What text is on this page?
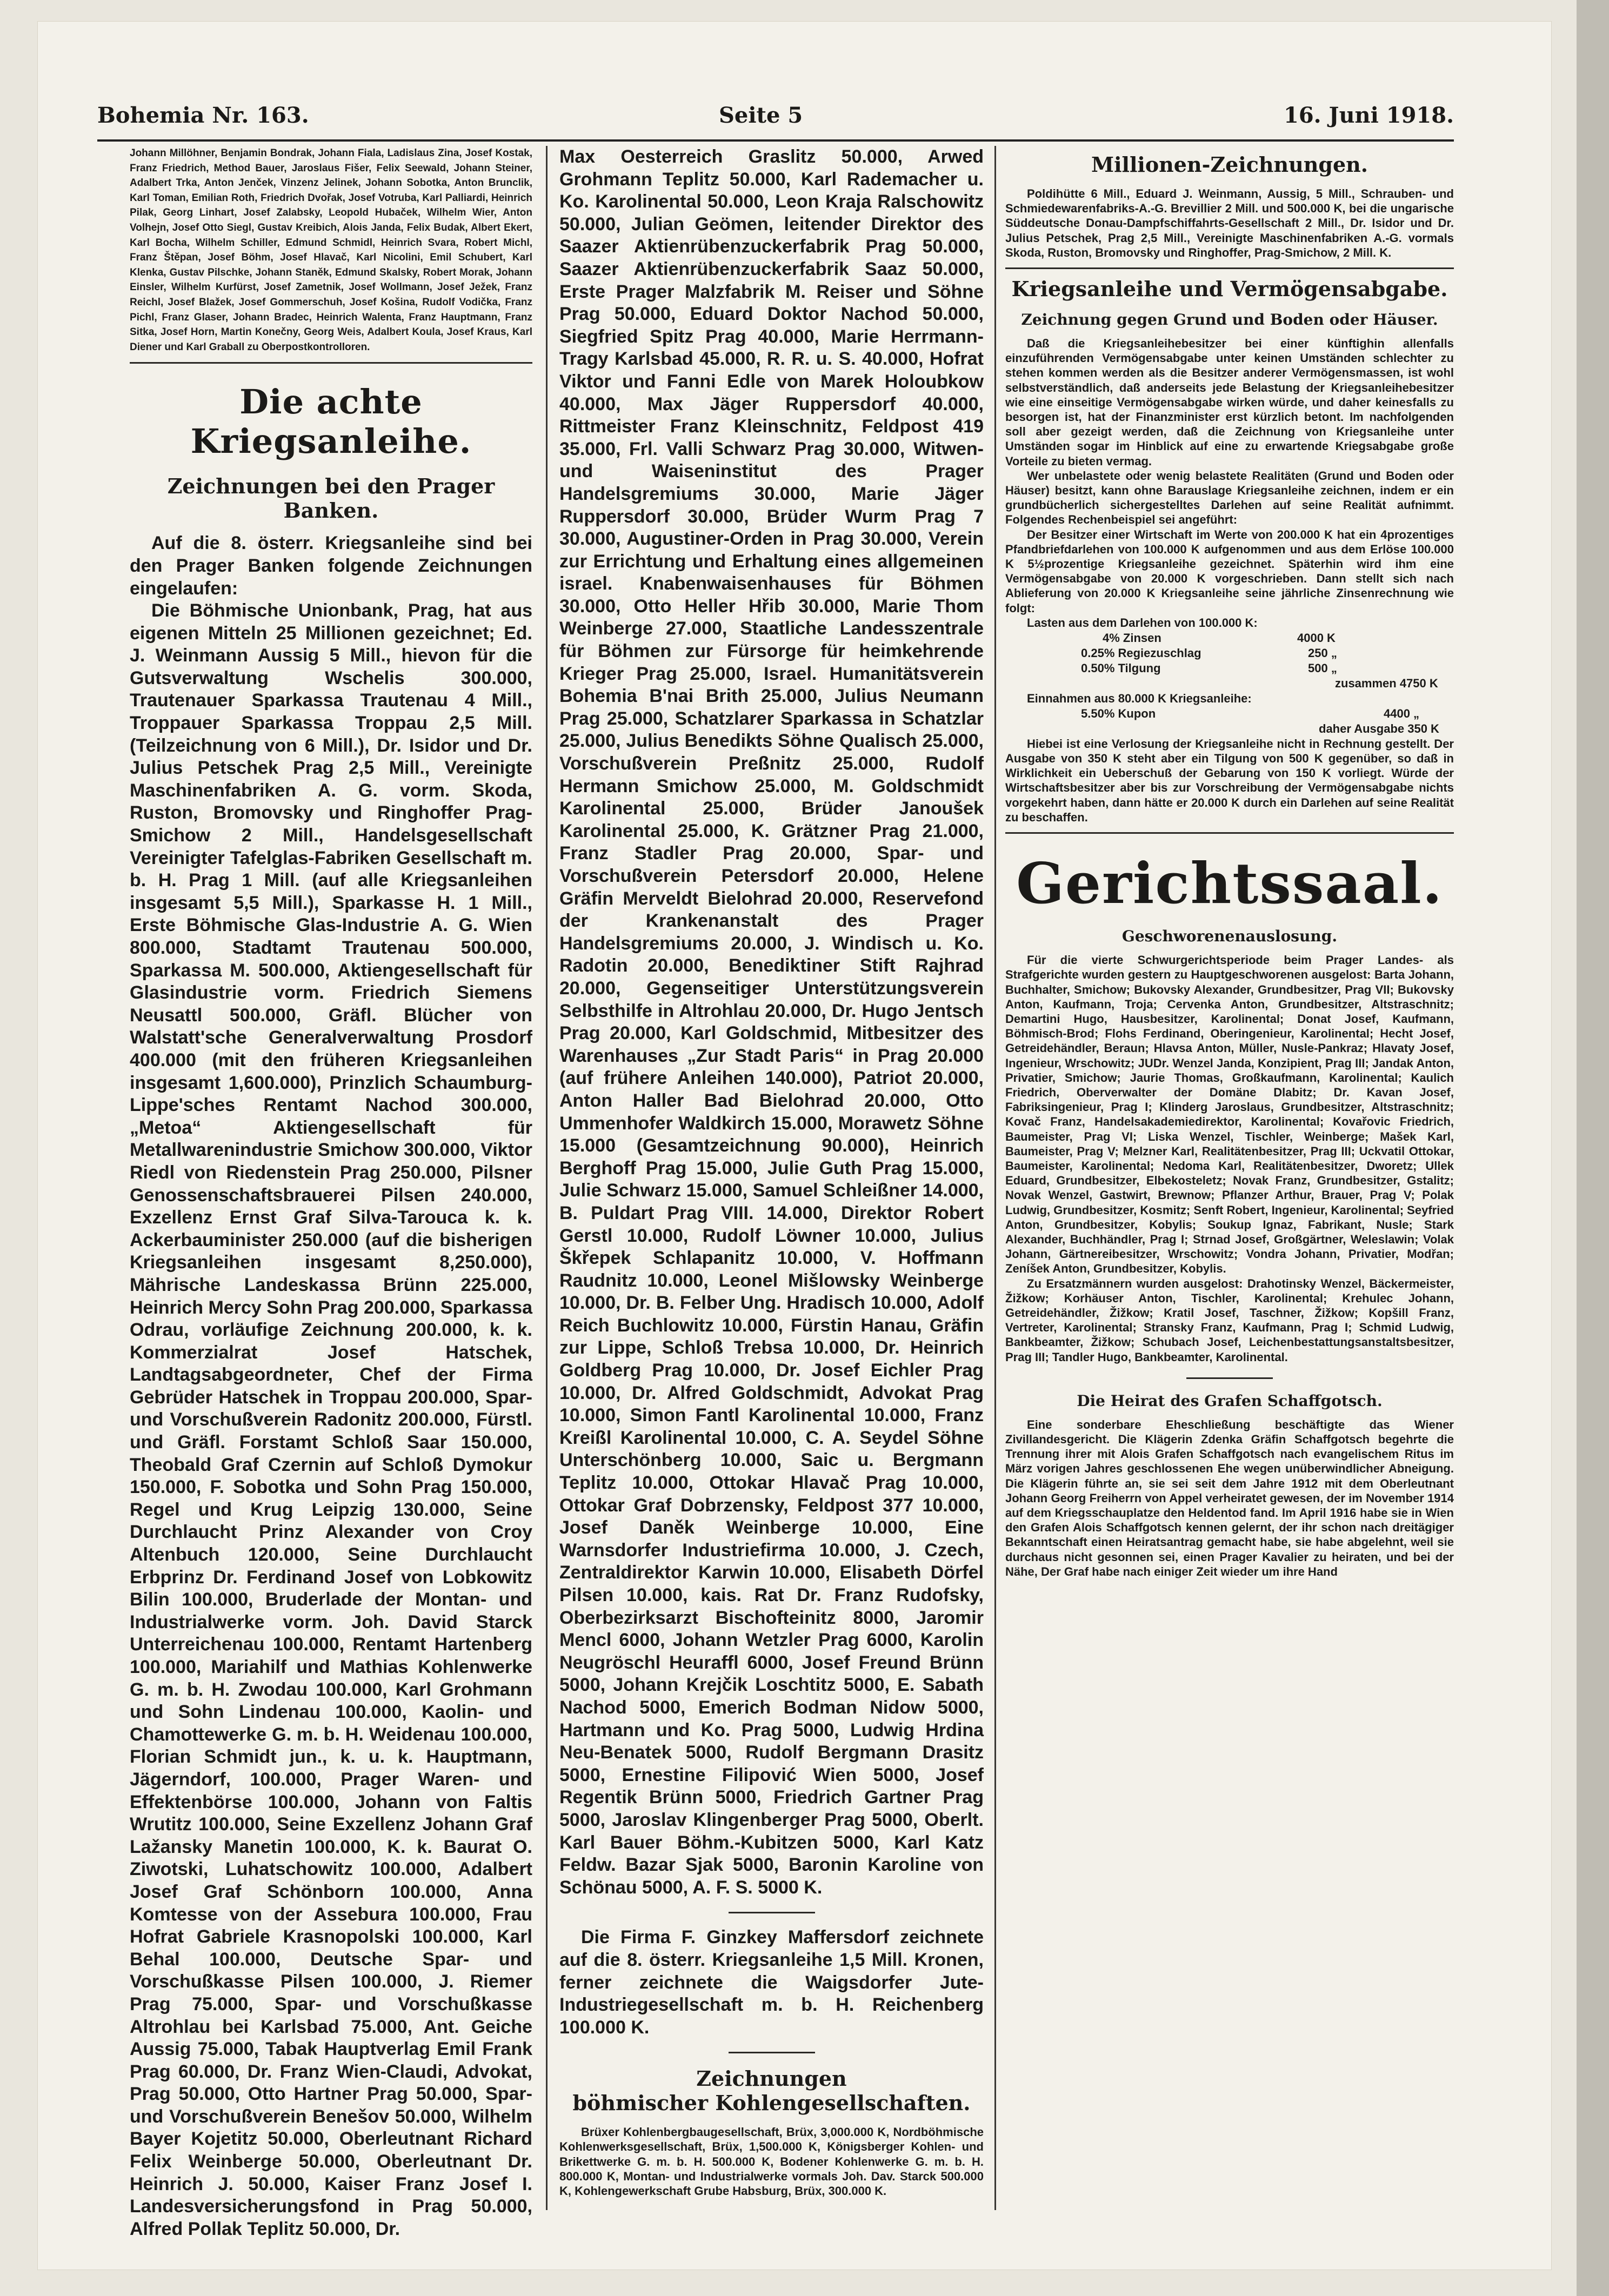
Bohemia Nr. 163.	Seite 5	16. Juni 1918.

Johann Millöhner, Benjamin Bondrak, Johann Fiala, Ladislaus Zina, Josef Kostak, Franz Friedrich, Method Bauer, Jaroslaus Fišer, Felix Seewald, Johann Steiner, Adalbert Trka, Anton Jenček, Vinzenz Jelinek, Johann Sobotka, Anton Brunclik, Karl Toman, Emilian Roth, Friedrich Dvořak, Josef Votruba, Karl Palliardi, Heinrich Pilak, Georg Linhart, Josef Zalabsky, Leopold Hubaček, Wilhelm Wier, Anton Volhejn, Josef Otto Siegl, Gustav Kreibich, Alois Janda, Felix Budak, Albert Ekert, Karl Bocha, Wilhelm Schiller, Edmund Schmidl, Heinrich Svara, Robert Michl, Franz Štěpan, Josef Böhm, Josef Hlavač, Karl Nicolini, Emil Schubert, Karl Klenka, Gustav Pilschke, Johann Staněk, Edmund Skalsky, Robert Morak, Johann Einsler, Wilhelm Kurfürst, Josef Zametnik, Josef Wollmann, Josef Ježek, Franz Reichl, Josef Blažek, Josef Gommerschuh, Josef Košina, Rudolf Vodička, Franz Pichl, Franz Glaser, Johann Bradec, Heinrich Walenta, Franz Hauptmann, Franz Sitka, Josef Horn, Martin Konečny, Georg Weis, Adalbert Koula, Josef Kraus, Karl Diener und Karl Graball zu Oberpostkontrolloren.

Die achte Kriegsanleihe.
Zeichnungen bei den Prager Banken.

Auf die 8. österr. Kriegsanleihe sind bei den Prager Banken folgende Zeichnungen eingelaufen:

Die Böhmische Unionbank, Prag, hat aus eigenen Mitteln 25 Millionen gezeichnet; Ed. J. Weinmann Aussig 5 Mill., hievon für die Gutsverwaltung Wschelis 300.000, Trautenauer Sparkassa Trautenau 4 Mill., Troppauer Sparkassa Troppau 2,5 Mill. (Teilzeichnung von 6 Mill.), Dr. Isidor und Dr. Julius Petschek Prag 2,5 Mill., Vereinigte Maschinenfabriken A. G. vorm. Skoda, Ruston, Bromovsky und Ringhoffer Prag-Smichow 2 Mill., Handelsgesellschaft Vereinigter Tafelglas-Fabriken Gesellschaft m. b. H. Prag 1 Mill. (auf alle Kriegsanleihen insgesamt 5,5 Mill.), Sparkasse H. 1 Mill., Erste Böhmische Glas-Industrie A. G. Wien 800.000, Stadtamt Trautenau 500.000, Sparkassa M. 500.000, Aktiengesellschaft für Glasindustrie vorm. Friedrich Siemens Neusattl 500.000, Gräfl. Blücher von Walstatt'sche Generalverwaltung Prosdorf 400.000 (mit den früheren Kriegsanleihen insgesamt 1,600.000), Prinzlich Schaumburg-Lippe'sches Rentamt Nachod 300.000, „Metoa“ Aktiengesellschaft für Metallwarenindustrie Smichow 300.000, Viktor Riedl von Riedenstein Prag 250.000, Pilsner Genossenschaftsbrauerei Pilsen 240.000, Exzellenz Ernst Graf Silva-Tarouca k. k. Ackerbauminister 250.000 (auf die bisherigen Kriegsanleihen insgesamt 8,250.000), Mährische Landeskassa Brünn 225.000, Heinrich Mercy Sohn Prag 200.000, Sparkassa Odrau, vorläufige Zeichnung 200.000, k. k. Kommerzialrat Josef Hatschek, Landtagsabgeordneter, Chef der Firma Gebrüder Hatschek in Troppau 200.000, Spar- und Vorschußverein Radonitz 200.000, Fürstl. und Gräfl. Forstamt Schloß Saar 150.000, Theobald Graf Czernin auf Schloß Dymokur 150.000, F. Sobotka und Sohn Prag 150.000, Regel und Krug Leipzig 130.000, Seine Durchlaucht Prinz Alexander von Croy Altenbuch 120.000, Seine Durchlaucht Erbprinz Dr. Ferdinand Josef von Lobkowitz Bilin 100.000, Bruderlade der Montan- und Industrialwerke vorm. Joh. David Starck Unterreichenau 100.000, Rentamt Hartenberg 100.000, Mariahilf und Mathias Kohlenwerke G. m. b. H. Zwodau 100.000, Karl Grohmann und Sohn Lindenau 100.000, Kaolin- und Chamottewerke G. m. b. H. Weidenau 100.000, Florian Schmidt jun., k. u. k. Hauptmann, Jägerndorf, 100.000, Prager Waren- und Effektenbörse 100.000, Johann von Faltis Wrutitz 100.000, Seine Exzellenz Johann Graf Lažansky Manetin 100.000, K. k. Baurat O. Ziwotski, Luhatschowitz 100.000, Adalbert Josef Graf Schönborn 100.000, Anna Komtesse von der Assebura 100.000, Frau Hofrat Gabriele Krasnopolski 100.000, Karl Behal 100.000, Deutsche Spar- und Vorschußkasse Pilsen 100.000, J. Riemer Prag 75.000, Spar- und Vorschußkasse Altrohlau bei Karlsbad 75.000, Ant. Geiche Aussig 75.000, Tabak Hauptverlag Emil Frank Prag 60.000, Dr. Franz Wien-Claudi, Advokat, Prag 50.000, Otto Hartner Prag 50.000, Spar- und Vorschußverein Benešov 50.000, Wilhelm Bayer Kojetitz 50.000, Oberleutnant Richard Felix Weinberge 50.000, Oberleutnant Dr. Heinrich J. 50.000, Kaiser Franz Josef I. Landesversicherungsfond in Prag 50.000, Alfred Pollak Teplitz 50.000, Dr.

Max Oesterreich Graslitz 50.000, Arwed Grohmann Teplitz 50.000, Karl Rademacher u. Ko. Karolinental 50.000, Leon Kraja Ralschowitz 50.000, Julian Geömen, leitender Direktor des Saazer Aktienrübenzuckerfabrik Prag 50.000, Saazer Aktienrübenzuckerfabrik Saaz 50.000, Erste Prager Malzfabrik M. Reiser und Söhne Prag 50.000, Eduard Doktor Nachod 50.000, Siegfried Spitz Prag 40.000, Marie Herrmann-Tragy Karlsbad 45.000, R. R. u. S. 40.000, Hofrat Viktor und Fanni Edle von Marek Holoubkow 40.000, Max Jäger Ruppersdorf 40.000, Rittmeister Franz Kleinschnitz, Feldpost 419 35.000, Frl. Valli Schwarz Prag 30.000, Witwen- und Waiseninstitut des Prager Handelsgremiums 30.000, Marie Jäger Ruppersdorf 30.000, Brüder Wurm Prag 7 30.000, Augustiner-Orden in Prag 30.000, Verein zur Errichtung und Erhaltung eines allgemeinen israel. Knabenwaisenhauses für Böhmen 30.000, Otto Heller Hřib 30.000, Marie Thom Weinberge 27.000, Staatliche Landesszentrale für Böhmen zur Fürsorge für heimkehrende Krieger Prag 25.000, Israel. Humanitätsverein Bohemia B'nai Brith 25.000, Julius Neumann Prag 25.000, Schatzlarer Sparkassa in Schatzlar 25.000, Julius Benedikts Söhne Qualisch 25.000, Vorschußverein Preßnitz 25.000, Rudolf Hermann Smichow 25.000, M. Goldschmidt Karolinental 25.000, Brüder Janoušek Karolinental 25.000, K. Grätzner Prag 21.000, Franz Stadler Prag 20.000, Spar- und Vorschußverein Petersdorf 20.000, Helene Gräfin Merveldt Bielohrad 20.000, Reservefond der Krankenanstalt des Prager Handelsgremiums 20.000, J. Windisch u. Ko. Radotin 20.000, Benediktiner Stift Rajhrad 20.000, Gegenseitiger Unterstützungsverein Selbsthilfe in Altrohlau 20.000, Dr. Hugo Jentsch Prag 20.000, Karl Goldschmid, Mitbesitzer des Warenhauses „Zur Stadt Paris“ in Prag 20.000 (auf frühere Anleihen 140.000), Patriot 20.000, Anton Haller Bad Bielohrad 20.000, Otto Ummenhofer Waldkirch 15.000, Morawetz Söhne 15.000 (Gesamtzeichnung 90.000), Heinrich Berghoff Prag 15.000, Julie Guth Prag 15.000, Julie Schwarz 15.000, Samuel Schleißner 14.000, B. Puldart Prag VIII. 14.000, Direktor Robert Gerstl 10.000, Rudolf Löwner 10.000, Julius Škřepek Schlapanitz 10.000, V. Hoffmann Raudnitz 10.000, Leonel Mišlowsky Weinberge 10.000, Dr. B. Felber Ung. Hradisch 10.000, Adolf Reich Buchlowitz 10.000, Fürstin Hanau, Gräfin zur Lippe, Schloß Trebsa 10.000, Dr. Heinrich Goldberg Prag 10.000, Dr. Josef Eichler Prag 10.000, Dr. Alfred Goldschmidt, Advokat Prag 10.000, Simon Fantl Karolinental 10.000, Franz Kreißl Karolinental 10.000, C. A. Seydel Söhne Unterschönberg 10.000, Saic u. Bergmann Teplitz 10.000, Ottokar Hlavač Prag 10.000, Ottokar Graf Dobrzensky, Feldpost 377 10.000, Josef Daněk Weinberge 10.000, Eine Warnsdorfer Industriefirma 10.000, J. Czech, Zentraldirektor Karwin 10.000, Elisabeth Dörfel Pilsen 10.000, kais. Rat Dr. Franz Rudofsky, Oberbezirksarzt Bischofteinitz 8000, Jaromir Mencl 6000, Johann Wetzler Prag 6000, Karolin Neugröschl Heuraffl 6000, Josef Freund Brünn 5000, Johann Krejčik Loschtitz 5000, E. Sabath Nachod 5000, Emerich Bodman Nidow 5000, Hartmann und Ko. Prag 5000, Ludwig Hrdina Neu-Benatek 5000, Rudolf Bergmann Drasitz 5000, Ernestine Filipović Wien 5000, Josef Regentik Brünn 5000, Friedrich Gartner Prag 5000, Jaroslav Klingenberger Prag 5000, Oberlt. Karl Bauer Böhm.-Kubitzen 5000, Karl Katz Feldw. Bazar Sjak 5000, Baronin Karoline von Schönau 5000, A. F. S. 5000 K.

Die Firma F. Ginzkey Maffersdorf zeichnete auf die 8. österr. Kriegsanleihe 1,5 Mill. Kronen, ferner zeichnete die Waigsdorfer Jute-Industriegesellschaft m. b. H. Reichenberg 100.000 K.

Zeichnungen
böhmischer Kohlengesellschaften.

Brüxer Kohlenbergbaugesellschaft, Brüx, 3,000.000 K, Nordböhmische Kohlenwerksgesellschaft, Brüx, 1,500.000 K, Königsberger Kohlen- und Brikettwerke G. m. b. H. 500.000 K, Bodener Kohlenwerke G. m. b. H. 800.000 K, Montan- und Industrialwerke vormals Joh. Dav. Starck 500.000 K, Kohlengewerkschaft Grube Habsburg, Brüx, 300.000 K.

Millionen-Zeichnungen.

Poldihütte 6 Mill., Eduard J. Weinmann, Aussig, 5 Mill., Schrauben- und Schmiedewarenfabriks-A.-G. Brevillier 2 Mill. und 500.000 K, bei die ungarische Süddeutsche Donau-Dampfschiffahrts-Gesellschaft 2 Mill., Dr. Isidor und Dr. Julius Petschek, Prag 2,5 Mill., Vereinigte Maschinenfabriken A.-G. vormals Skoda, Ruston, Bromovsky und Ringhoffer, Prag-Smichow, 2 Mill. K.

Kriegsanleihe und Vermögensabgabe.
Zeichnung gegen Grund und Boden oder Häuser.

Daß die Kriegsanleihebesitzer bei einer künftighin allenfalls einzuführenden Vermögensabgabe unter keinen Umständen schlechter zu stehen kommen werden als die Besitzer anderer Vermögensmassen, ist wohl selbstverständlich, daß anderseits jede Belastung der Kriegsanleihebesitzer wie eine einseitige Vermögensabgabe wirken würde, und daher keinesfalls zu besorgen ist, hat der Finanzminister erst kürzlich betont. Im nachfolgenden soll aber gezeigt werden, daß die Zeichnung von Kriegsanleihe unter Umständen sogar im Hinblick auf eine zu erwartende Kriegsabgabe große Vorteile zu bieten vermag.

Wer unbelastete oder wenig belastete Realitäten (Grund und Boden oder Häuser) besitzt, kann ohne Barauslage Kriegsanleihe zeichnen, indem er ein grundbücherlich sichergestelltes Darlehen auf seine Realität aufnimmt. Folgendes Rechenbeispiel sei angeführt:

Der Besitzer einer Wirtschaft im Werte von 200.000 K hat ein 4prozentiges Pfandbriefdarlehen von 100.000 K aufgenommen und aus dem Erlöse 100.000 K 5½prozentige Kriegsanleihe gezeichnet. Späterhin wird ihm eine Vermögensabgabe von 20.000 K vorgeschrieben. Dann stellt sich nach Ablieferung von 20.000 K Kriegsanleihe seine jährliche Zinsenrechnung wie folgt:

Lasten aus dem Darlehen von 100.000 K:
4% Zinsen	4000 K
0.25% Regiezuschlag	250 „
0.50% Tilgung	500 „
zusammen 4750 K
Einnahmen aus 80.000 K Kriegsanleihe:
5.50% Kupon	4400 „
daher Ausgabe 350 K

Hiebei ist eine Verlosung der Kriegsanleihe nicht in Rechnung gestellt. Der Ausgabe von 350 K steht aber ein Tilgung von 500 K gegenüber, so daß in Wirklichkeit ein Ueberschuß der Gebarung von 150 K vorliegt. Würde der Wirtschaftsbesitzer aber bis zur Vorschreibung der Vermögensabgabe nichts vorgekehrt haben, dann hätte er 20.000 K durch ein Darlehen auf seine Realität zu beschaffen.

Gerichtssaal.
Geschworenenauslosung.

Für die vierte Schwurgerichtsperiode beim Prager Landes- als Strafgerichte wurden gestern zu Hauptgeschworenen ausgelost: Barta Johann, Buchhalter, Smichow; Bukovsky Alexander, Grundbesitzer, Prag VII; Bukovsky Anton, Kaufmann, Troja; Cervenka Anton, Grundbesitzer, Altstraschnitz; Demartini Hugo, Hausbesitzer, Karolinental; Donat Josef, Kaufmann, Böhmisch-Brod; Flohs Ferdinand, Oberingenieur, Karolinental; Hecht Josef, Getreidehändler, Beraun; Hlavsa Anton, Müller, Nusle-Pankraz; Hlavaty Josef, Ingenieur, Wrschowitz; JUDr. Wenzel Janda, Konzipient, Prag III; Jandak Anton, Privatier, Smichow; Jaurie Thomas, Großkaufmann, Karolinental; Kaulich Friedrich, Oberverwalter der Domäne Dlabitz; Dr. Kavan Josef, Fabriksingenieur, Prag I; Klinderg Jaroslaus, Grundbesitzer, Altstraschnitz; Kovač Franz, Handelsakademiedirektor, Karolinental; Kovařovic Friedrich, Baumeister, Prag VI; Liska Wenzel, Tischler, Weinberge; Mašek Karl, Baumeister, Prag V; Melzner Karl, Realitätenbesitzer, Prag III; Uckvatil Ottokar, Baumeister, Karolinental; Nedoma Karl, Realitätenbesitzer, Dworetz; Ullek Eduard, Grundbesitzer, Elbekosteletz; Novak Franz, Grundbesitzer, Gstalitz; Novak Wenzel, Gastwirt, Brewnow; Pflanzer Arthur, Brauer, Prag V; Polak Ludwig, Grundbesitzer, Kosmitz; Senft Robert, Ingenieur, Karolinental; Seyfried Anton, Grundbesitzer, Kobylis; Soukup Ignaz, Fabrikant, Nusle; Stark Alexander, Buchhändler, Prag I; Strnad Josef, Großgärtner, Weleslawin; Volak Johann, Gärtnereibesitzer, Wrschowitz; Vondra Johann, Privatier, Modřan; Zeníšek Anton, Grundbesitzer, Kobylis.

Zu Ersatzmännern wurden ausgelost: Drahotinsky Wenzel, Bäckermeister, Žižkow; Korhäuser Anton, Tischler, Karolinental; Krehulec Johann, Getreidehändler, Žižkow; Kratil Josef, Taschner, Žižkow; Kopšill Franz, Vertreter, Karolinental; Stransky Franz, Kaufmann, Prag I; Schmid Ludwig, Bankbeamter, Žižkow; Schubach Josef, Leichenbestattungsanstaltsbesitzer, Prag III; Tandler Hugo, Bankbeamter, Karolinental.

Die Heirat des Grafen Schaffgotsch.

Eine sonderbare Eheschließung beschäftigte das Wiener Zivillandesgericht. Die Klägerin Zdenka Gräfin Schaffgotsch begehrte die Trennung ihrer mit Alois Grafen Schaffgotsch nach evangelischem Ritus im März vorigen Jahres geschlossenen Ehe wegen unüberwindlicher Abneigung. Die Klägerin führte an, sie sei seit dem Jahre 1912 mit dem Oberleutnant Johann Georg Freiherrn von Appel verheiratet gewesen, der im November 1914 auf dem Kriegsschauplatze den Heldentod fand. Im April 1916 habe sie in Wien den Grafen Alois Schaffgotsch kennen gelernt, der ihr schon nach dreitägiger Bekanntschaft einen Heiratsantrag gemacht habe, sie habe abgelehnt, weil sie durchaus nicht gesonnen sei, einen Prager Kavalier zu heiraten, und bei der Nähe, Der Graf habe nach einiger Zeit wieder um ihre Hand
